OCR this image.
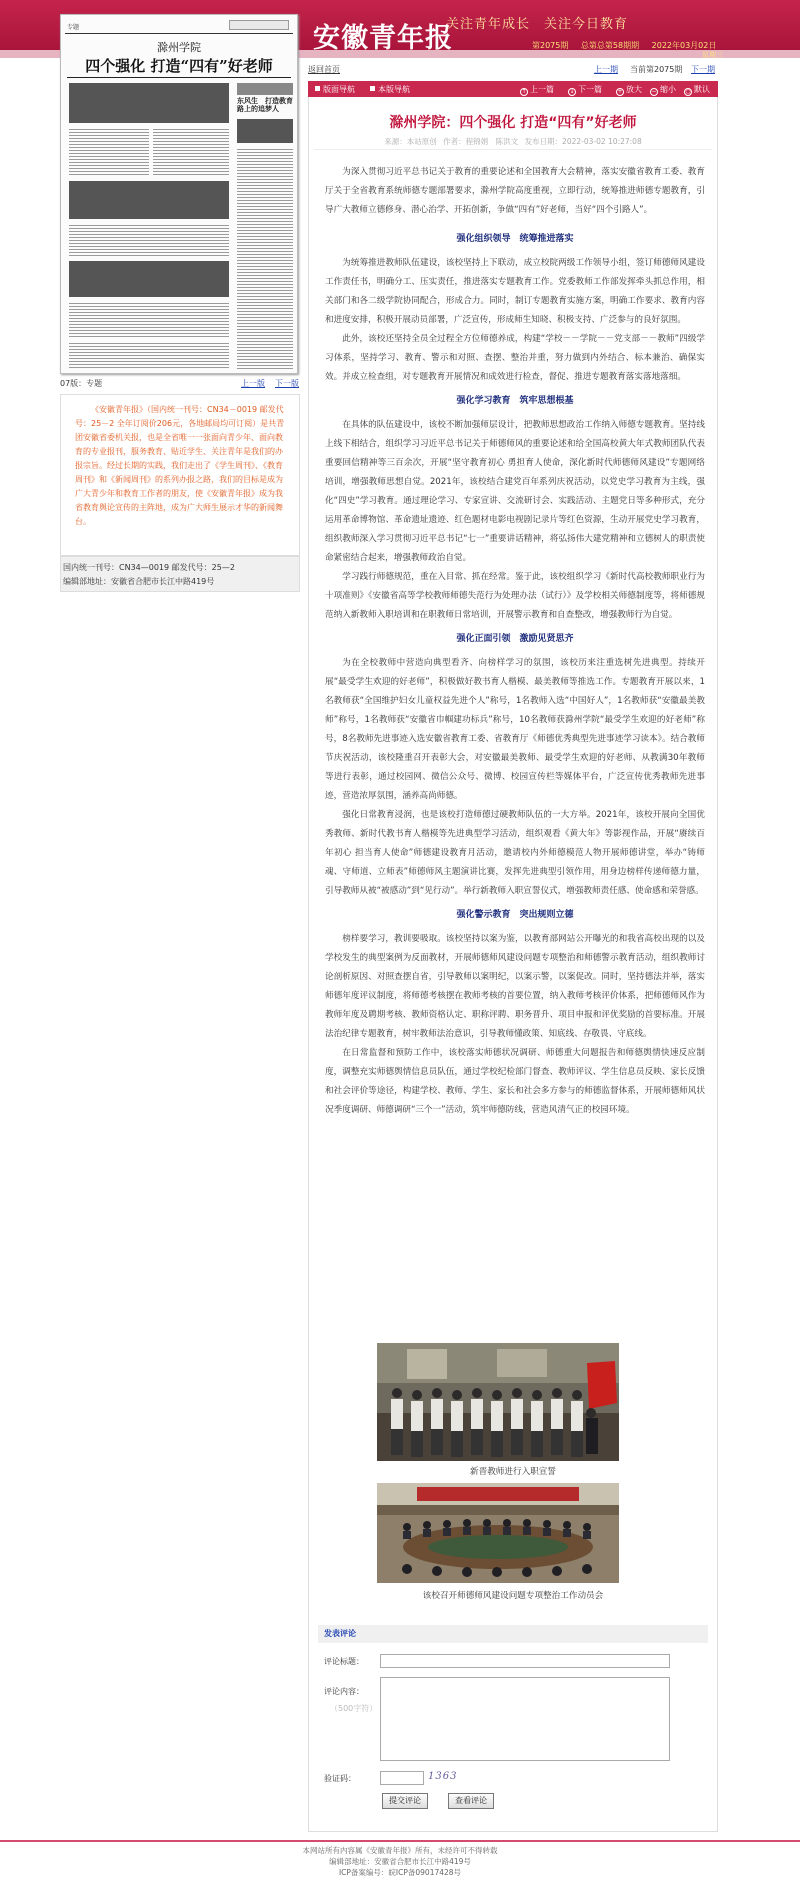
安徽青年报
关注青年成长　关注今日教育
第2075期 总第总第58期期 2022年03月02日
星期三
专题
滁州学院
四个强化 打造“四有”好老师
东风生　打造教育路上的追梦人
07版：专题	上一版 下一版
《安徽青年报》（国内统一刊号：CN34－0019 邮发代号：25－2 全年订阅价206元，各地邮局均可订阅）是共青团安徽省委机关报，也是全省唯一一张面向青少年、面向教育的专业报刊，服务教育、贴近学生、关注青年是我们的办报宗旨。经过长期的实践，我们走出了《学生周刊》、《教育周刊》和《新闻周刊》的系列办报之路，我们的目标是成为广大青少年和教育工作者的朋友，使《安徽青年报》成为我省教育舆论宣传的主阵地，成为广大师生展示才华的新闻舞台。
国内统一刊号：CN34—0019 邮发代号：25—2
编辑部地址：安徽省合肥市长江中路419号
返回首页	上一期 当前第2075期 下一期
版面导航	本版导航	↑ 上一篇	↓ 下一篇	+ 放大 − 缩小 ○ 默认
滁州学院：四个强化 打造“四有”好老师
来源：本站原创 作者：程锦娟　陈洪文 发布日期：2022-03-02 10:27:08

为深入贯彻习近平总书记关于教育的重要论述和全国教育大会精神，落实安徽省教育工委、教育厅关于全省教育系统师德专题部署要求，滁州学院高度重视，立即行动，统筹推进师德专题教育，引导广大教师立德修身、潜心治学、开拓创新，争做“四有”好老师，当好“四个引路人”。

强化组织领导　统筹推进落实

为统筹推进教师队伍建设，该校坚持上下联动，成立校院两级工作领导小组，签订师德师风建设工作责任书，明确分工、压实责任，推进落实专题教育工作。党委教师工作部发挥牵头抓总作用，相关部门和各二级学院协同配合，形成合力。同时，制订专题教育实施方案，明确工作要求、教育内容和进度安排，积极开展动员部署，广泛宣传，形成师生知晓、积极支持、广泛参与的良好氛围。

此外，该校还坚持全员全过程全方位师德养成，构建“学校－－学院－－党支部－－教师”四级学习体系，坚持学习、教育、警示和对照、查摆、整治并重，努力做到内外结合、标本兼治、确保实效。并成立检查组，对专题教育开展情况和成效进行检查，督促、推进专题教育落实落地落细。

强化学习教育　筑牢思想根基

在具体的队伍建设中，该校不断加强师层设计，把教师思想政治工作纳入师德专题教育。坚持线上线下相结合，组织学习习近平总书记关于师德师风的重要论述和给全国高校黄大年式教师团队代表重要回信精神等三百余次，开展“坚守教育初心 勇担育人使命，深化新时代师德师风建设”专题网络培训，增强教师思想自觉。2021年，该校结合建党百年系列庆祝活动，以党史学习教育为主线，强化“四史”学习教育。通过理论学习、专家宣讲、交流研讨会、实践活动、主题党日等多种形式，充分运用革命博物馆、革命遗址遗迹、红色题材电影电视剧记录片等红色资源，生动开展党史学习教育，组织教师深入学习贯彻习近平总书记“七一”重要讲话精神，将弘扬伟大建党精神和立德树人的职责使命紧密结合起来，增强教师政治自觉。

学习践行师德规范，重在入目常、抓在经常。鉴于此，该校组织学习《新时代高校教师职业行为十项准则》《安徽省高等学校教师师德失范行为处理办法（试行）》及学校相关师德制度等，将师德规范纳入新教师入职培训和在职教师日常培训，开展警示教育和自查整改，增强教师行为自觉。

强化正面引领　激励见贤思齐

为在全校教师中营造向典型看齐、向榜样学习的氛围，该校历来注重选树先进典型。持续开展“最受学生欢迎的好老师”，积极做好教书育人楷模、最美教师等推选工作。专题教育开展以来，1名教师获“全国维护妇女儿童权益先进个人”称号，1名教师入选“中国好人”，1名教师获“安徽最美教师”称号，1名教师获“安徽省巾帼建功标兵”称号，10名教师获滁州学院“最受学生欢迎的好老师”称号，8名教师先进事迹入选安徽省教育工委、省教育厅《师德优秀典型先进事迹学习读本》。结合教师节庆祝活动，该校隆重召开表彰大会，对安徽最美教师、最受学生欢迎的好老师、从教满30年教师等进行表彰，通过校园网、微信公众号、微博、校园宣传栏等媒体平台，广泛宣传优秀教师先进事迹，营造浓厚氛围，涵养高尚师德。

强化日常教育浸润，也是该校打造师德过硬教师队伍的一大方举。2021年，该校开展向全国优秀教师、新时代教书育人楷模等先进典型学习活动，组织观看《黄大年》等影视作品，开展“赓续百年初心 担当育人使命”师德建设教育月活动，邀请校内外师德模范人物开展师德讲堂，举办“铸师魂、守师道、立师表”师德师风主题演讲比赛，发挥先进典型引领作用，用身边榜样传递师德力量，引导教师从被“被感动”到“见行动”。举行新教师入职宣誓仪式，增强教师责任感、使命感和荣誉感。

强化警示教育　突出规则立德

榜样要学习，教训要吸取。该校坚持以案为鉴，以教育部网站公开曝光的和我省高校出现的以及学校发生的典型案例为反面教材，开展师德师风建设问题专项整治和师德警示教育活动，组织教师讨论剖析原因、对照查摆自省，引导教师以案明纪，以案示警，以案促改。同时，坚持德法并举，落实师德年度评议制度，将师德考核摆在教师考核的首要位置，纳入教师考核评价体系，把师德师风作为教师年度及聘期考核、教师资格认定、职称评聘、职务晋升、项目申报和评优奖励的首要标准。开展法治纪律专题教育，树牢教师法治意识，引导教师懂政策、知底线、存敬畏、守底线。

在日常监督和预防工作中，该校落实师德状况调研、师德重大问题报告和师德舆情快速反应制度，调整充实师德舆情信息员队伍，通过学校纪检部门督查、教师评议、学生信息员反映、家长反馈和社会评价等途径，构建学校、教师、学生、家长和社会多方参与的师德监督体系，开展师德师风状况季度调研、师德调研“三个一”活动，筑牢师德防线，营造风清气正的校园环境。

新晋教师进行入职宣誓
该校召开师德师风建设问题专项整治工作动员会
发表评论
评论标题：
评论内容：
（500字符）
验证码：	1363
提交评论	查看评论
本网站所有内容属《安徽青年报》所有，未经许可不得转载
编辑部地址：安徽省合肥市长江中路419号
ICP备案编号：皖ICP备09017428号
